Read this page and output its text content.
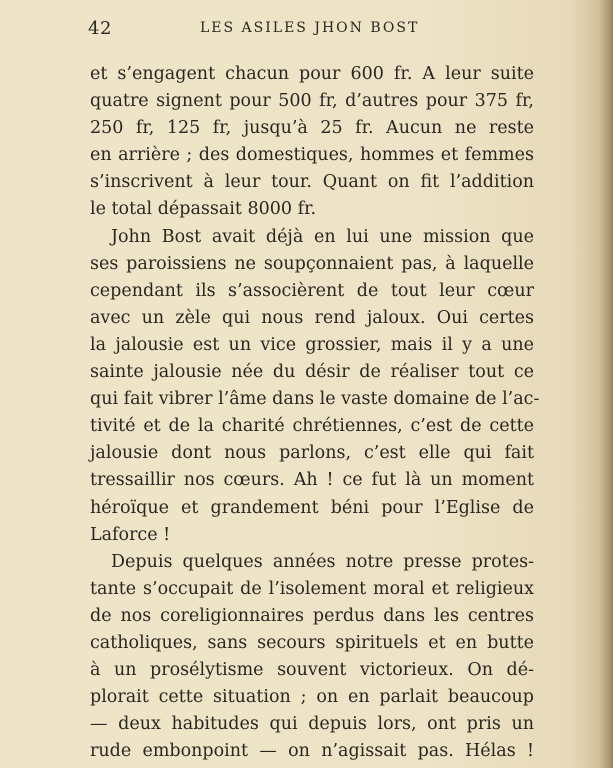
42	LES ASILES JHON BOST
et s’engagent chacun pour 600 fr. A leur suite
quatre signent pour 500 fr, d’autres pour 375 fr,
250 fr, 125 fr, jusqu’à 25 fr. Aucun ne reste
en arrière ; des domestiques, hommes et femmes
s’inscrivent à leur tour. Quant on fit l’addition
le total dépassait 8000 fr.
John Bost avait déjà en lui une mission que
ses paroissiens ne soupçonnaient pas, à laquelle
cependant ils s’associèrent de tout leur cœur
avec un zèle qui nous rend jaloux. Oui certes
la jalousie est un vice grossier, mais il y a une
sainte jalousie née du désir de réaliser tout ce
qui fait vibrer l’âme dans le vaste domaine de l’ac-
tivité et de la charité chrétiennes, c’est de cette
jalousie dont nous parlons, c’est elle qui fait
tressaillir nos cœurs. Ah ! ce fut là un moment
héroïque et grandement béni pour l’Eglise de
Laforce !
Depuis quelques années notre presse protes-
tante s’occupait de l’isolement moral et religieux
de nos coreligionnaires perdus dans les centres
catholiques, sans secours spirituels et en butte
à un prosélytisme souvent victorieux. On dé-
plorait cette situation ; on en parlait beaucoup
— deux habitudes qui depuis lors, ont pris un
rude embonpoint — on n’agissait pas. Hélas !
